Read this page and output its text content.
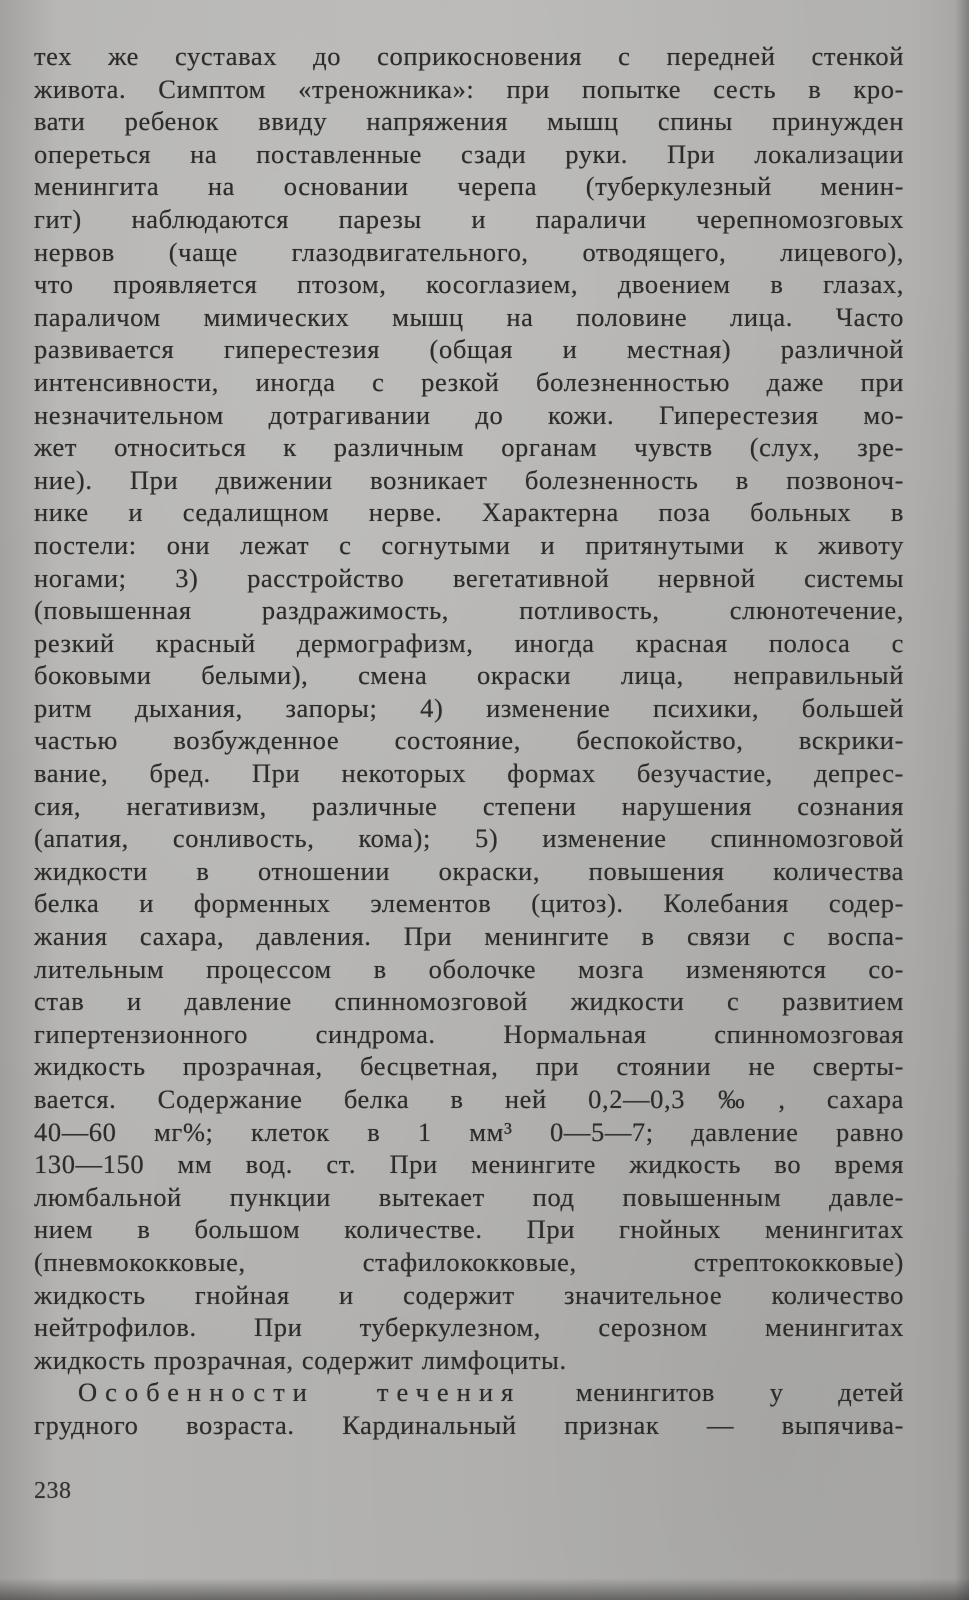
тех же суставах до соприкосновения с передней стенкой
живота. Симптом «треножника»: при попытке сесть в кро-
вати ребенок ввиду напряжения мышц спины принужден
опереться на поставленные сзади руки. При локализации
менингита на основании черепа (туберкулезный менин-
гит) наблюдаются парезы и параличи черепномозговых
нервов (чаще глазодвигательного, отводящего, лицевого),
что проявляется птозом, косоглазием, двоением в глазах,
параличом мимических мышц на половине лица. Часто
развивается гиперестезия (общая и местная) различной
интенсивности, иногда с резкой болезненностью даже при
незначительном дотрагивании до кожи. Гиперестезия мо-
жет относиться к различным органам чувств (слух, зре-
ние). При движении возникает болезненность в позвоноч-
нике и седалищном нерве. Характерна поза больных в
постели: они лежат с согнутыми и притянутыми к животу
ногами; 3) расстройство вегетативной нервной системы
(повышенная раздражимость, потливость, слюнотечение,
резкий красный дермографизм, иногда красная полоса с
боковыми белыми), смена окраски лица, неправильный
ритм дыхания, запоры; 4) изменение психики, большей
частью возбужденное состояние, беспокойство, вскрики-
вание, бред. При некоторых формах безучастие, депрес-
сия, негативизм, различные степени нарушения сознания
(апатия, сонливость, кома); 5) изменение спинномозговой
жидкости в отношении окраски, повышения количества
белка и форменных элементов (цитоз). Колебания содер-
жания сахара, давления. При менингите в связи с воспа-
лительным процессом в оболочке мозга изменяются со-
став и давление спинномозговой жидкости с развитием
гипертензионного синдрома. Нормальная спинномозговая
жидкость прозрачная, бесцветная, при стоянии не сверты-
вается. Содержание белка в ней 0,2—0,3‰, сахара
40—60 мг%; клеток в 1 мм³ 0—5—7; давление равно
130—150 мм вод. ст. При менингите жидкость во время
люмбальной пункции вытекает под повышенным давле-
нием в большом количестве. При гнойных менингитах
(пневмококковые, стафилококковые, стрептококковые)
жидкость гнойная и содержит значительное количество
нейтрофилов. При туберкулезном, серозном менингитах
жидкость прозрачная, содержит лимфоциты.
Особенности течения менингитов у детей
грудного возраста. Кардинальный признак — выпячива-
238
